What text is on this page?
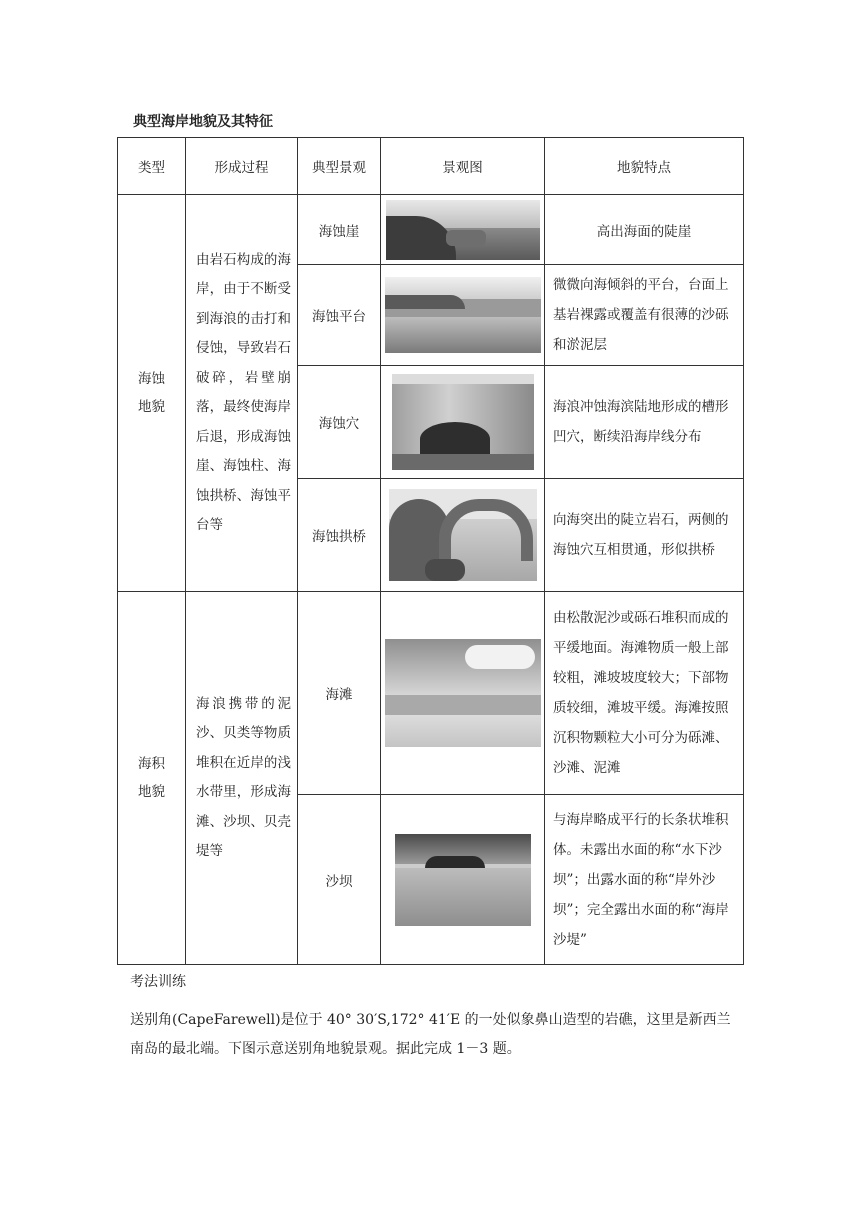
典型海岸地貌及其特征
类型	形成过程	典型景观	景观图	地貌特点
海蚀地貌	由岩石构成的海岸，由于不断受到海浪的击打和侵蚀，导致岩石破碎，岩壁崩落，最终使海岸后退，形成海蚀崖、海蚀柱、海蚀拱桥、海蚀平台等	海蚀崖		高出海面的陡崖
		海蚀平台		微微向海倾斜的平台，台面上基岩裸露或覆盖有很薄的沙砾和淤泥层
		海蚀穴		海浪冲蚀海滨陆地形成的槽形凹穴，断续沿海岸线分布
		海蚀拱桥		向海突出的陡立岩石，两侧的海蚀穴互相贯通，形似拱桥
海积地貌	海浪携带的泥沙、贝类等物质堆积在近岸的浅水带里，形成海滩、沙坝、贝壳堤等	海滩		由松散泥沙或砾石堆积而成的平缓地面。海滩物质一般上部较粗，滩坡坡度较大；下部物质较细，滩坡平缓。海滩按照沉积物颗粒大小可分为砾滩、沙滩、泥滩
		沙坝		与海岸略成平行的长条状堆积体。未露出水面的称“水下沙坝”；出露水面的称“岸外沙坝”；完全露出水面的称“海岸沙堤”
考法训练
送别角(CapeFarewell)是位于 40° 30′S,172° 41′E 的一处似象鼻山造型的岩礁，这里是新西兰南岛的最北端。下图示意送别角地貌景观。据此完成 1－3 题。
